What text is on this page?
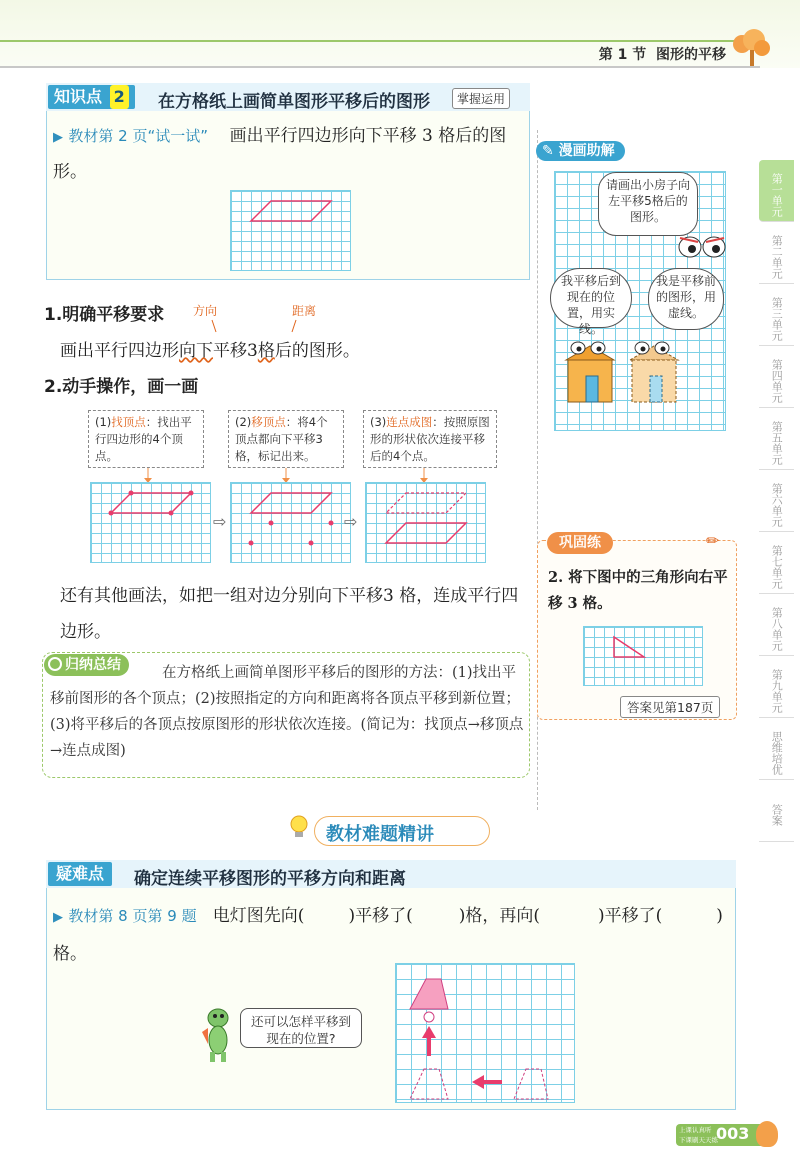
第 1 节 图形的平移
第一单元
第二单元
第三单元
第四单元
第五单元
第六单元
第七单元
第八单元
第九单元
思维培优
答案
知识点 2	在方格纸上画简单图形平移后的图形	掌握运用
▶ 教材第 2 页“试一试” 画出平行四边形向下平移 3 格后的图形。
1.明确平移要求 方向	距离
画出平行四边形向下平移3格后的图形。
2.动手操作，画一画
(1)找顶点：找出平行四边形的4个顶点。
(2)移顶点：将4个顶点都向下平移3格，标记出来。
(3)连点成图：按照原图形的形状依次连接平移后的4个点。
⇨	⇨
还有其他画法，如把一组对边分别向下平移3 格，连成平行四边形。
归纳总结	在方格纸上画简单图形平移后的图形的方法：(1)找出平移前图形的各个顶点；(2)按照指定的方向和距离将各顶点平移到新位置；(3)将平移后的各顶点按原图形的形状依次连接。(简记为：找顶点→移顶点→连点成图)
✎ 漫画助解
请画出小房子向左平移5格后的图形。
我平移后到现在的位置，用实线。
我是平移前的图形，用虚线。
巩固练	✏
2. 将下图中的三角形向右平移 3 格。
答案见第187页
教材难题精讲
疑难点	确定连续平移图形的平移方向和距离
▶ 教材第 8 页第 9 题 电灯图先向(	)平移了(	)格，再向(	)平移了(	)格。
还可以怎样平移到现在的位置?
上课认真听
下课刷天天练
003
